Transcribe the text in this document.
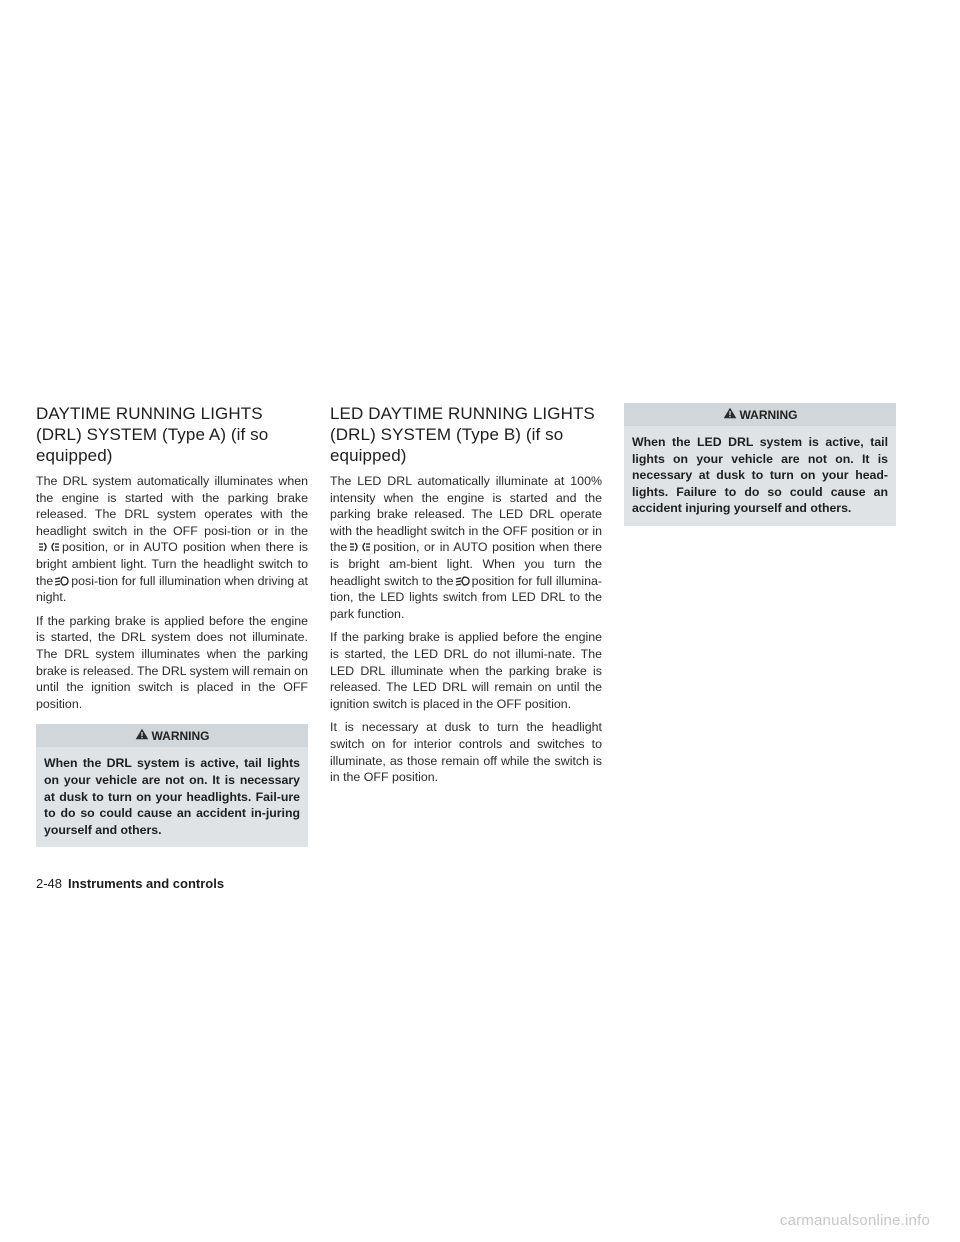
DAYTIME RUNNING LIGHTS (DRL) SYSTEM (Type A) (if so equipped)

The DRL system automatically illuminates when the engine is started with the parking brake released. The DRL system operates with the headlight switch in the OFF posi-tion or in the
position, or in AUTO position when there is bright ambient light. Turn the headlight switch to the posi-tion for full illumination when driving at night.

If the parking brake is applied before the engine is started, the DRL system does not illuminate. The DRL system illuminates when the parking brake is released. The DRL system will remain on until the ignition switch is placed in the OFF position.

WARNING
When the DRL system is active, tail lights on your vehicle are not on. It is necessary at dusk to turn on your headlights. Fail-ure to do so could cause an accident in-juring yourself and others.
LED DAYTIME RUNNING LIGHTS (DRL) SYSTEM (Type B) (if so equipped)

The LED DRL automatically illuminate at 100% intensity when the engine is started and the parking brake released. The LED DRL operate with the headlight switch in the OFF position or in the position, or in AUTO position when there is bright am-bient light. When you turn the headlight switch to the position for full illumina-tion, the LED lights switch from LED DRL to the park function.

If the parking brake is applied before the engine is started, the LED DRL do not illumi-nate. The LED DRL illuminate when the parking brake is released. The LED DRL will remain on until the ignition switch is placed in the OFF position.

It is necessary at dusk to turn the headlight switch on for interior controls and switches to illuminate, as those remain off while the switch is in the OFF position.

WARNING
When the LED DRL system is active, tail lights on your vehicle are not on. It is necessary at dusk to turn on your head-lights. Failure to do so could cause an accident injuring yourself and others.
2-48 Instruments and controls
carmanualsonline.info
